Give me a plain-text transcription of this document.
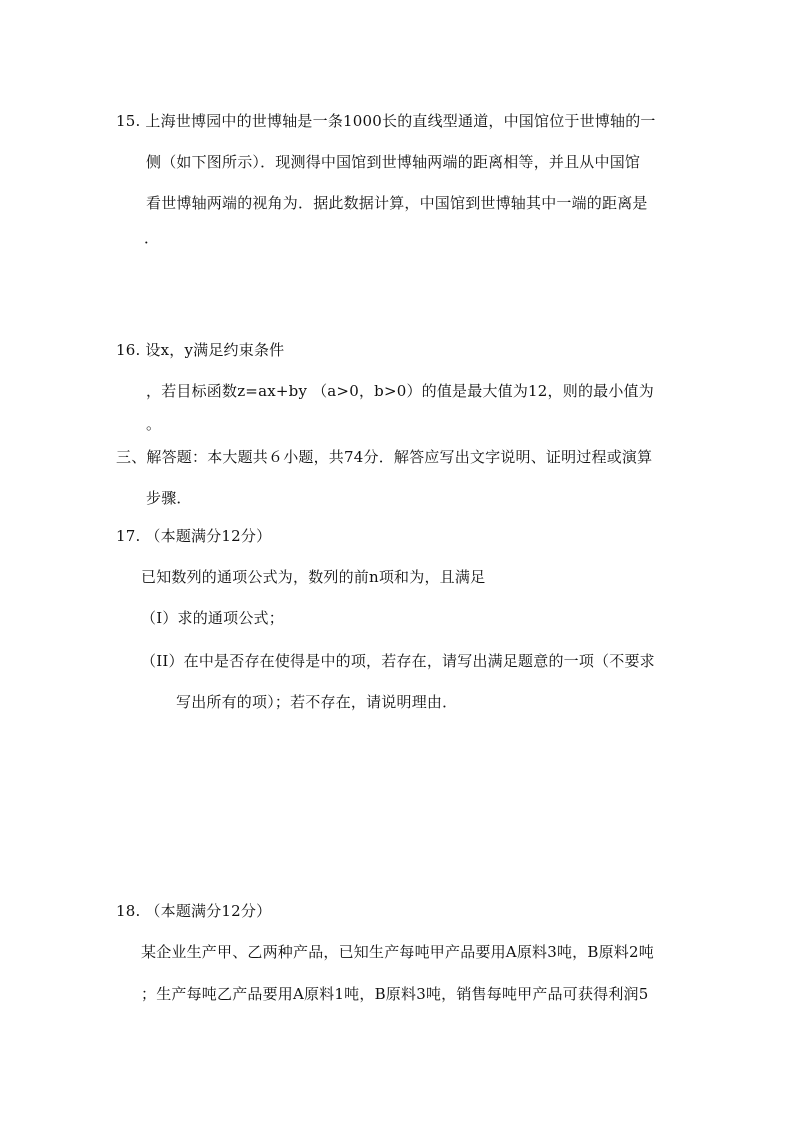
15. 上海世博园中的世博轴是一条1000长的直线型通道，中国馆位于世博轴的一
侧（如下图所示）．现测得中国馆到世博轴两端的距离相等，并且从中国馆
看世博轴两端的视角为．据此数据计算，中国馆到世博轴其中一端的距离是
．
16. 设x，y满足约束条件
，若目标函数z=ax+by （a>0，b>0）的值是最大值为12，则的最小值为
。
三、解答题：本大题共６小题，共74分．解答应写出文字说明、证明过程或演算
步骤．
17. （本题满分12分）
已知数列的通项公式为，数列的前n项和为，且满足
（I）求的通项公式；
（II）在中是否存在使得是中的项，若存在，请写出满足题意的一项（不要求
写出所有的项）；若不存在，请说明理由．
18. （本题满分12分）
某企业生产甲、乙两种产品，已知生产每吨甲产品要用A原料3吨，B原料2吨
；生产每吨乙产品要用A原料1吨，B原料3吨，销售每吨甲产品可获得利润5
